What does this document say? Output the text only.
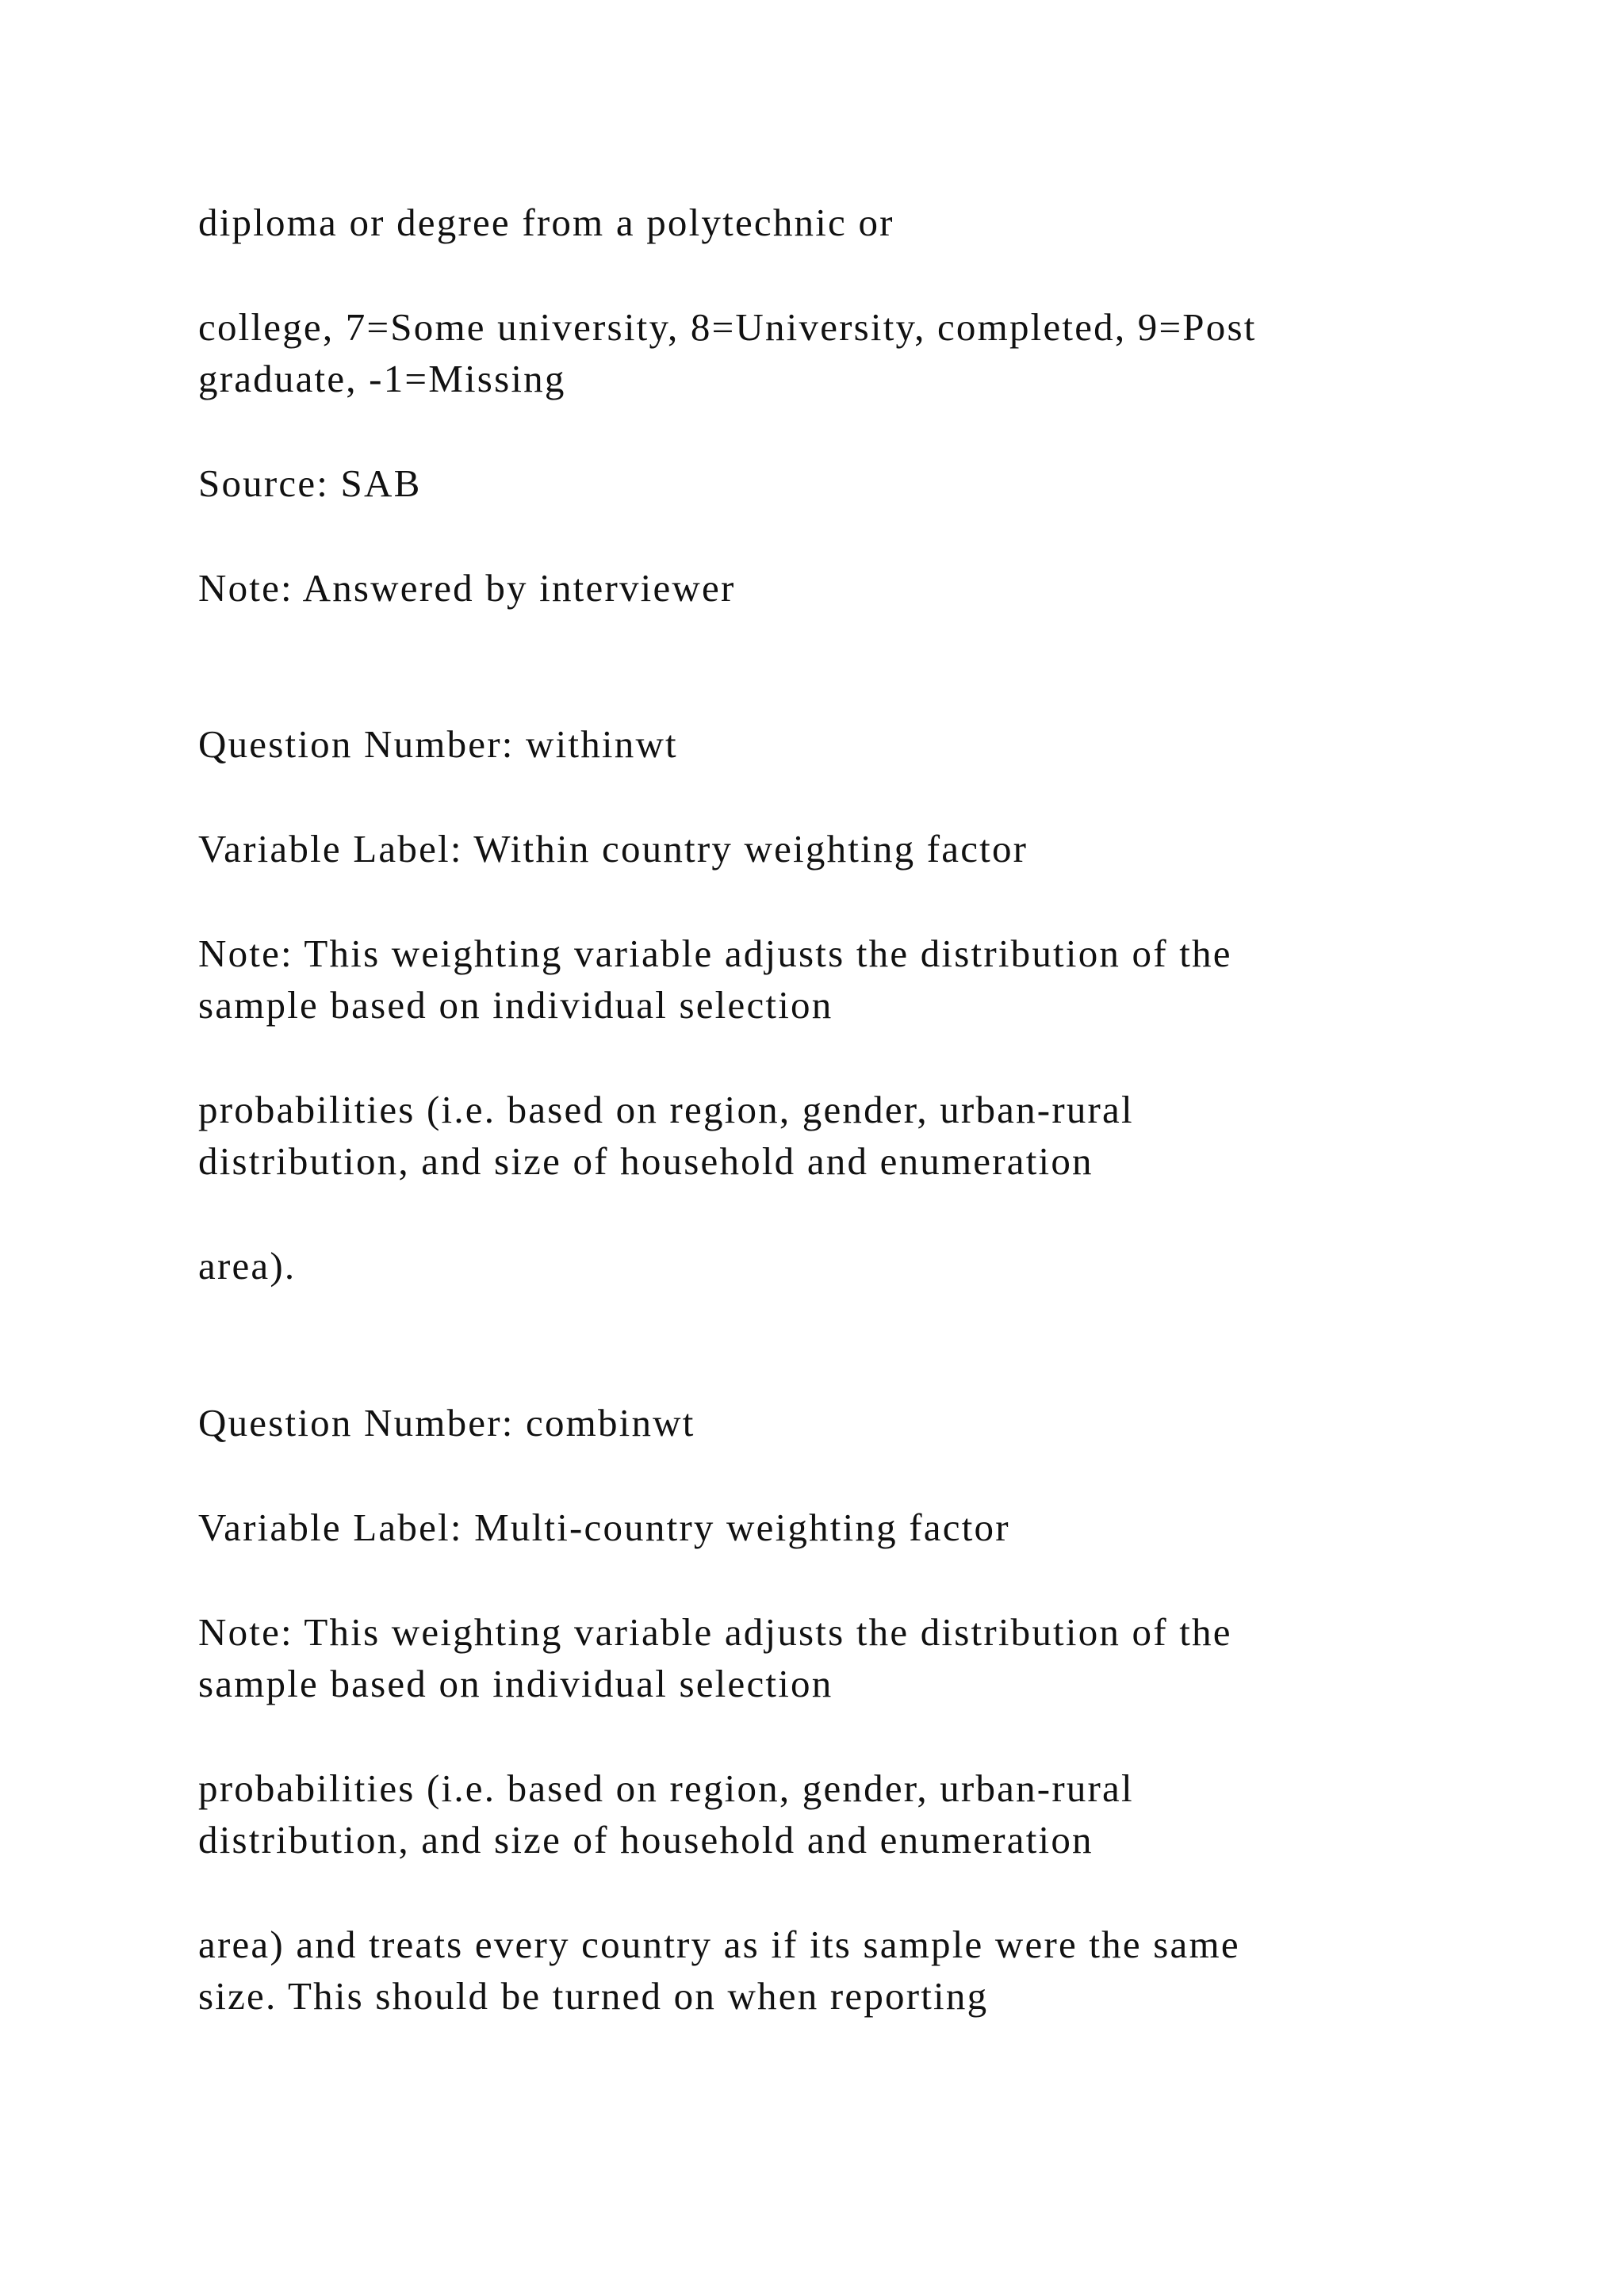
diploma or degree from a polytechnic or

college, 7=Some university, 8=University, completed, 9=Post

graduate, -1=Missing

Source: SAB

Note: Answered by interviewer

Question Number: withinwt

Variable Label: Within country weighting factor

Note: This weighting variable adjusts the distribution of the

sample based on individual selection

probabilities (i.e. based on region, gender, urban-rural

distribution, and size of household and enumeration

area).

Question Number: combinwt

Variable Label: Multi-country weighting factor

Note: This weighting variable adjusts the distribution of the

sample based on individual selection

probabilities (i.e. based on region, gender, urban-rural

distribution, and size of household and enumeration

area) and treats every country as if its sample were the same

size. This should be turned on when reporting
